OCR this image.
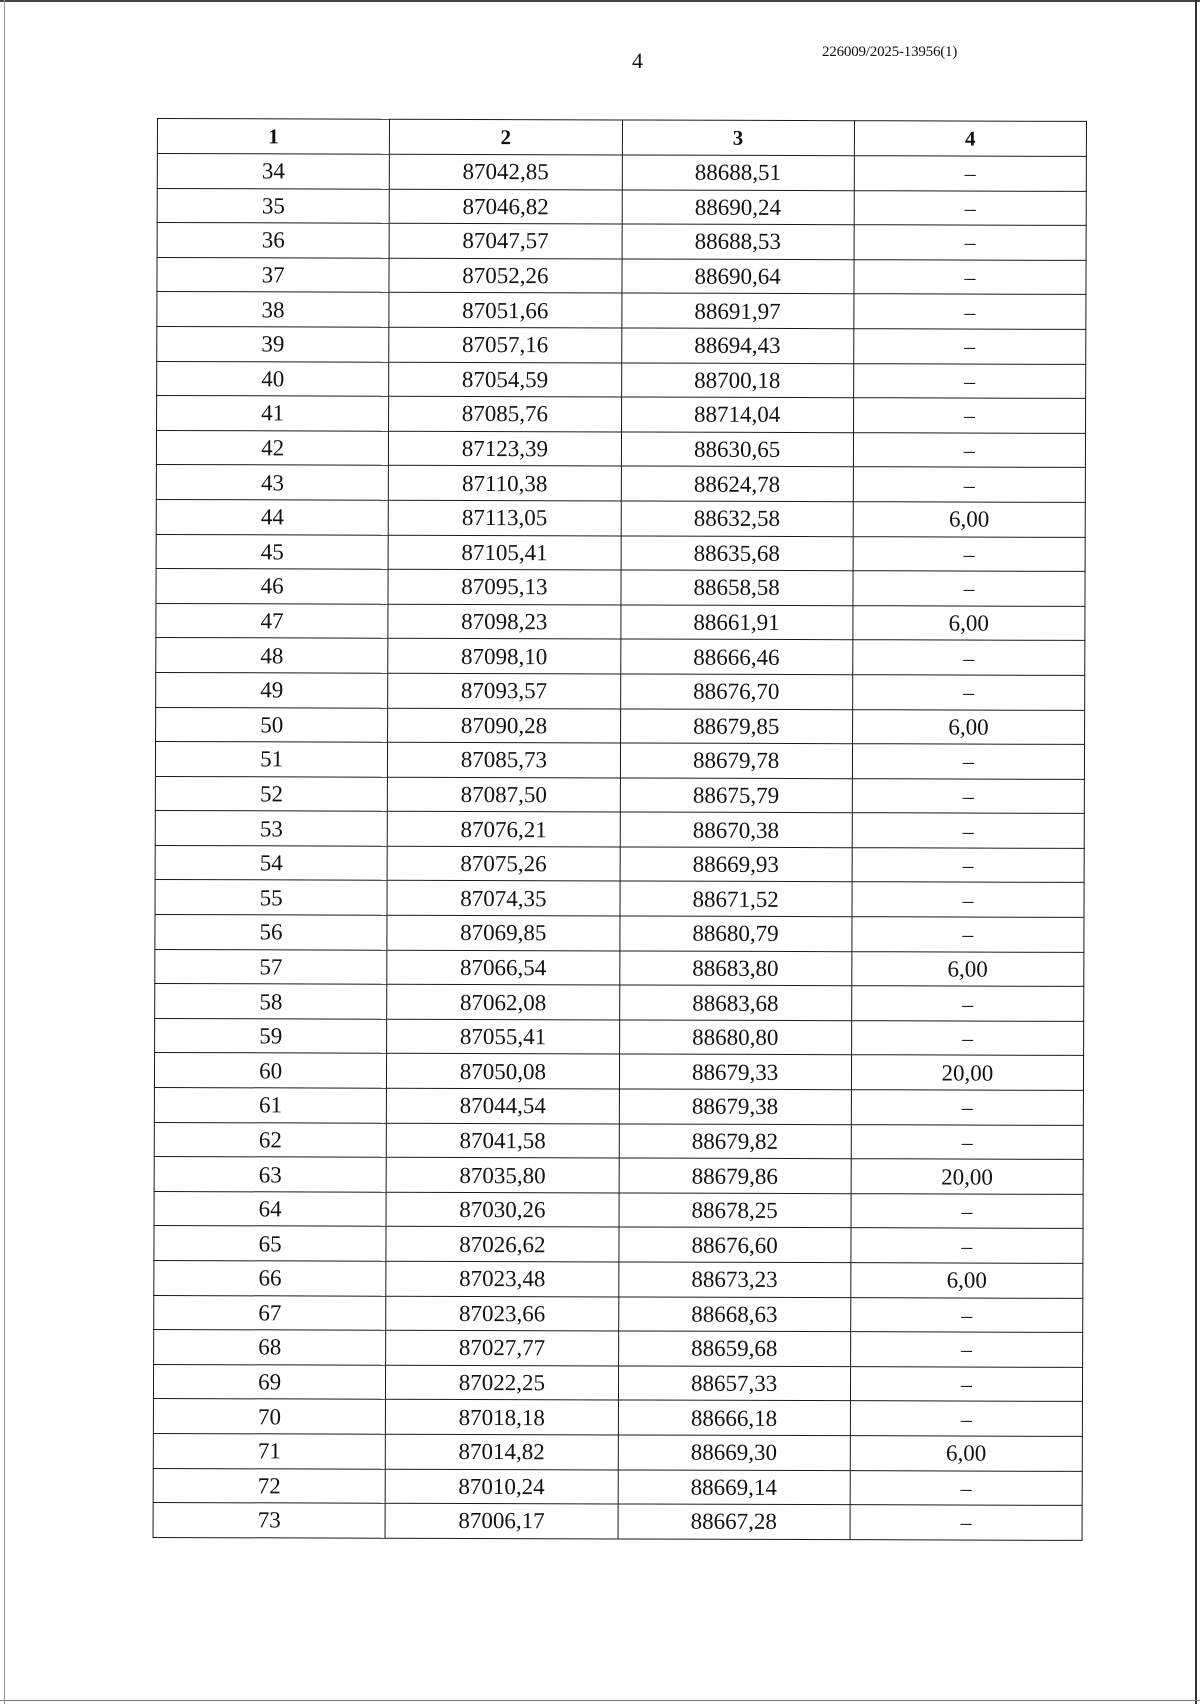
4	226009/2025-13956(1)
1	2	3	4
34	87042,85	88688,51	–
35	87046,82	88690,24	–
36	87047,57	88688,53	–
37	87052,26	88690,64	–
38	87051,66	88691,97	–
39	87057,16	88694,43	–
40	87054,59	88700,18	–
41	87085,76	88714,04	–
42	87123,39	88630,65	–
43	87110,38	88624,78	–
44	87113,05	88632,58	6,00
45	87105,41	88635,68	–
46	87095,13	88658,58	–
47	87098,23	88661,91	6,00
48	87098,10	88666,46	–
49	87093,57	88676,70	–
50	87090,28	88679,85	6,00
51	87085,73	88679,78	–
52	87087,50	88675,79	–
53	87076,21	88670,38	–
54	87075,26	88669,93	–
55	87074,35	88671,52	–
56	87069,85	88680,79	–
57	87066,54	88683,80	6,00
58	87062,08	88683,68	–
59	87055,41	88680,80	–
60	87050,08	88679,33	20,00
61	87044,54	88679,38	–
62	87041,58	88679,82	–
63	87035,80	88679,86	20,00
64	87030,26	88678,25	–
65	87026,62	88676,60	–
66	87023,48	88673,23	6,00
67	87023,66	88668,63	–
68	87027,77	88659,68	–
69	87022,25	88657,33	–
70	87018,18	88666,18	–
71	87014,82	88669,30	6,00
72	87010,24	88669,14	–
73	87006,17	88667,28	–
